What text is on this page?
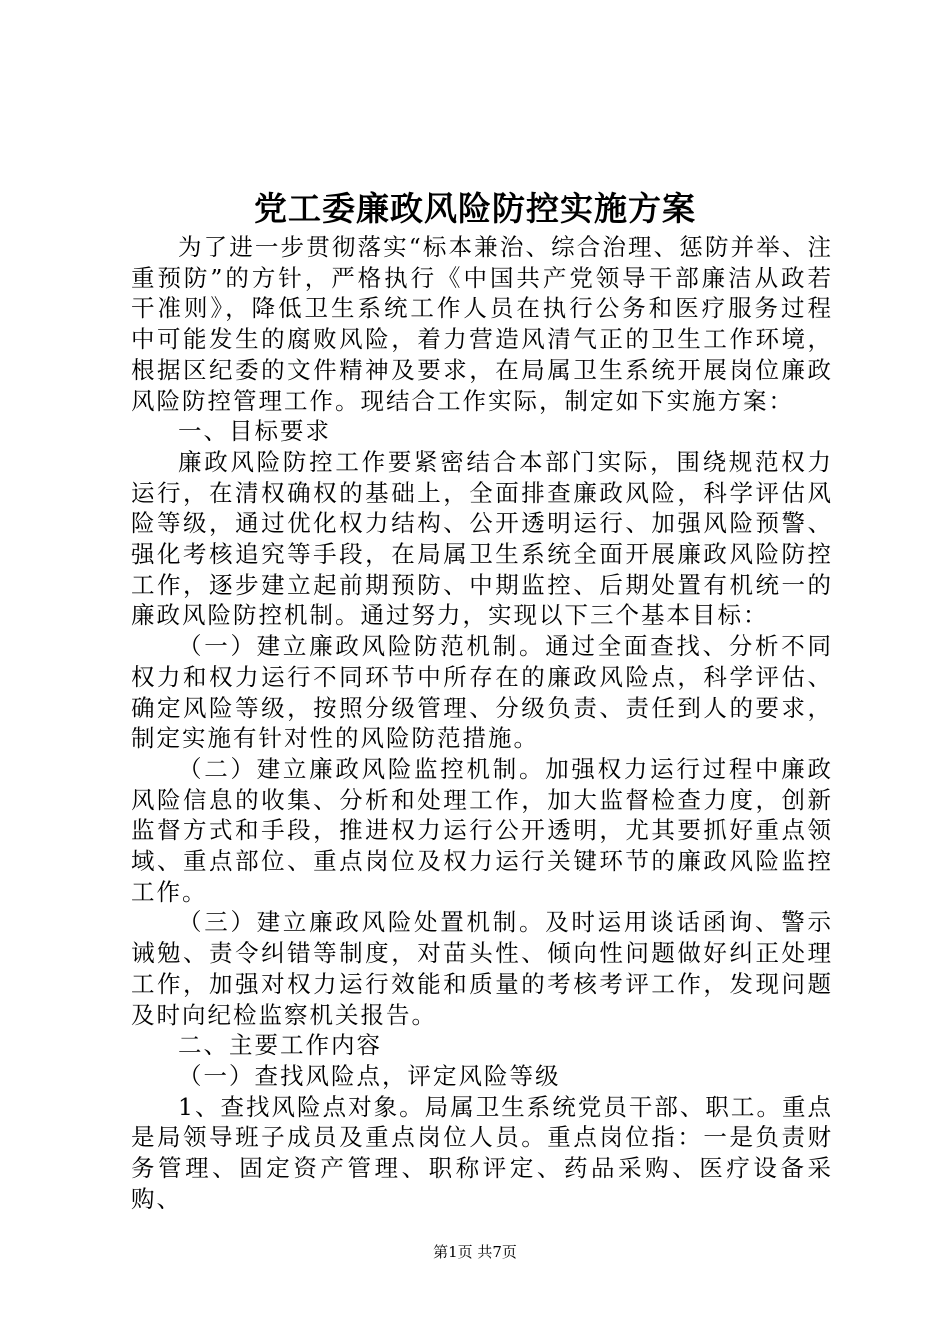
党工委廉政风险防控实施方案

为了进一步贯彻落实“标本兼治、综合治理、惩防并举、注重预防”的方针，严格执行《中国共产党领导干部廉洁从政若干准则》，降低卫生系统工作人员在执行公务和医疗服务过程中可能发生的腐败风险，着力营造风清气正的卫生工作环境，根据区纪委的文件精神及要求，在局属卫生系统开展岗位廉政风险防控管理工作。现结合工作实际，制定如下实施方案：

一、目标要求

廉政风险防控工作要紧密结合本部门实际，围绕规范权力运行，在清权确权的基础上，全面排查廉政风险，科学评估风险等级，通过优化权力结构、公开透明运行、加强风险预警、强化考核追究等手段，在局属卫生系统全面开展廉政风险防控工作，逐步建立起前期预防、中期监控、后期处置有机统一的廉政风险防控机制。通过努力，实现以下三个基本目标：

（一）建立廉政风险防范机制。通过全面查找、分析不同权力和权力运行不同环节中所存在的廉政风险点，科学评估、确定风险等级，按照分级管理、分级负责、责任到人的要求，制定实施有针对性的风险防范措施。

（二）建立廉政风险监控机制。加强权力运行过程中廉政风险信息的收集、分析和处理工作，加大监督检查力度，创新监督方式和手段，推进权力运行公开透明，尤其要抓好重点领域、重点部位、重点岗位及权力运行关键环节的廉政风险监控工作。

（三）建立廉政风险处置机制。及时运用谈话函询、警示诫勉、责令纠错等制度，对苗头性、倾向性问题做好纠正处理工作，加强对权力运行效能和质量的考核考评工作，发现问题及时向纪检监察机关报告。

二、主要工作内容

（一）查找风险点，评定风险等级

1、查找风险点对象。局属卫生系统党员干部、职工。重点是局领导班子成员及重点岗位人员。重点岗位指：一是负责财务管理、固定资产管理、职称评定、药品采购、医疗设备采购、

第1页 共7页
